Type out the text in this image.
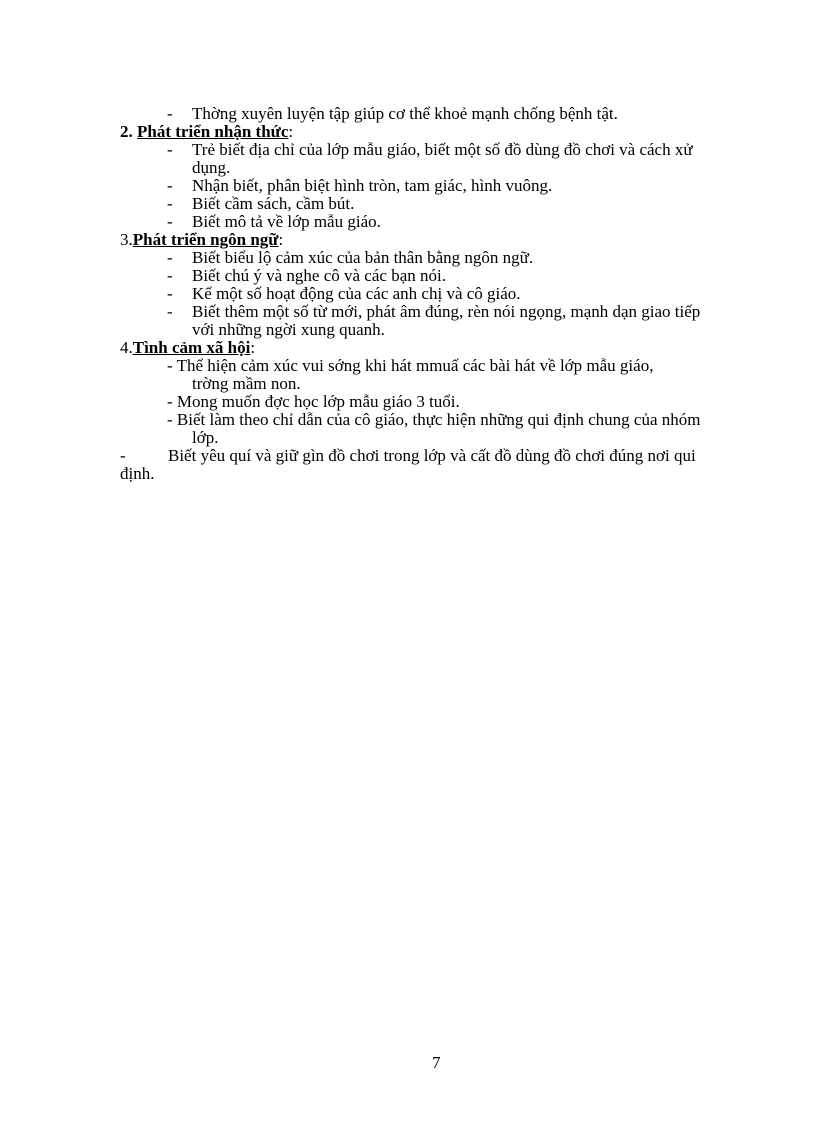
- Thờng xuyên luyện tập giúp cơ thể khoẻ mạnh chống bệnh tật.
2. Phát triển nhận thức:
- Trẻ biết địa chỉ của lớp mẫu giáo, biết một số đồ dùng đồ chơi và cách xử
dụng.
- Nhận biết, phân biệt hình tròn, tam giác, hình vuông.
- Biết cầm sách, cầm bút.
- Biết mô tả về lớp mẫu giáo.
3.Phát triển ngôn ngữ:
- Biết biểu lộ cảm xúc của bản thân bằng ngôn ngữ.
- Biết chú ý và nghe cô và các bạn nói.
- Kể một số hoạt động của các anh chị và cô giáo.
- Biết thêm một số từ mới, phát âm đúng, rèn nói ngọng, mạnh dạn giao tiếp
với những ngời xung quanh.
4.Tình cảm xã hội:
- Thể hiện cảm xúc vui sớng khi hát mmuấ các bài hát về lớp mẫu giáo,
trờng mầm non.
- Mong muốn đợc học lớp mẫu giáo 3 tuổi.
- Biết làm theo chỉ dẫn của cô giáo, thực hiện những qui định chung của nhóm
lớp.
- Biết yêu quí và giữ gìn đồ chơi trong lớp và cất đồ dùng đồ chơi đúng nơi qui
định.
7
